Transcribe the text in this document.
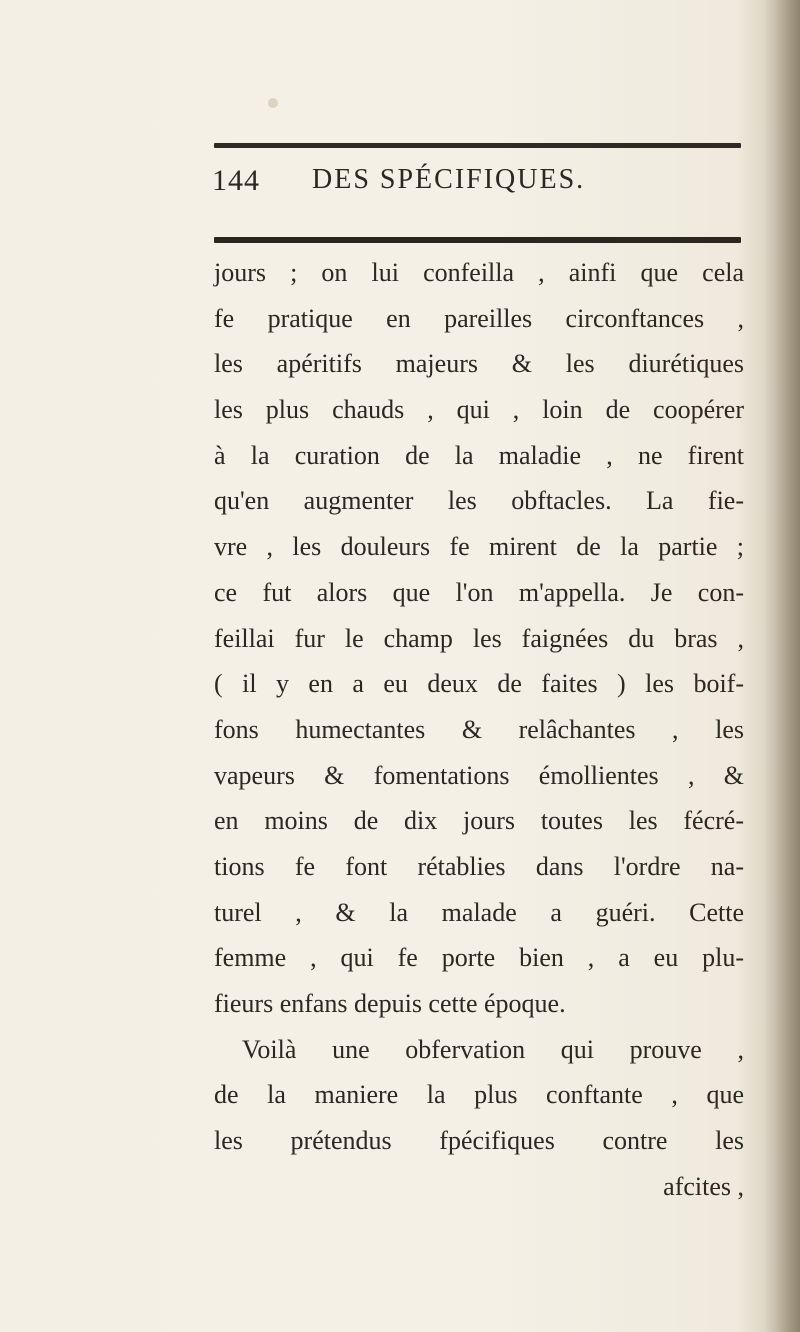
144 DES SPÉCIFIQUES.
jours ; on lui confeilla , ainfi que cela
fe pratique en pareilles circonftances ,
les apéritifs majeurs & les diurétiques
les plus chauds , qui , loin de coopérer
à la curation de la maladie , ne firent
qu'en augmenter les obftacles. La fie-
vre , les douleurs fe mirent de la partie ;
ce fut alors que l'on m'appella. Je con-
feillai fur le champ les faignées du bras ,
( il y en a eu deux de faites ) les boif-
fons humectantes & relâchantes , les
vapeurs & fomentations émollientes , &
en moins de dix jours toutes les fécré-
tions fe font rétablies dans l'ordre na-
turel , & la malade a guéri. Cette
femme , qui fe porte bien , a eu plu-
fieurs enfans depuis cette époque.
Voilà une obfervation qui prouve ,
de la maniere la plus conftante , que
les prétendus fpécifiques contre les
afcites ,
